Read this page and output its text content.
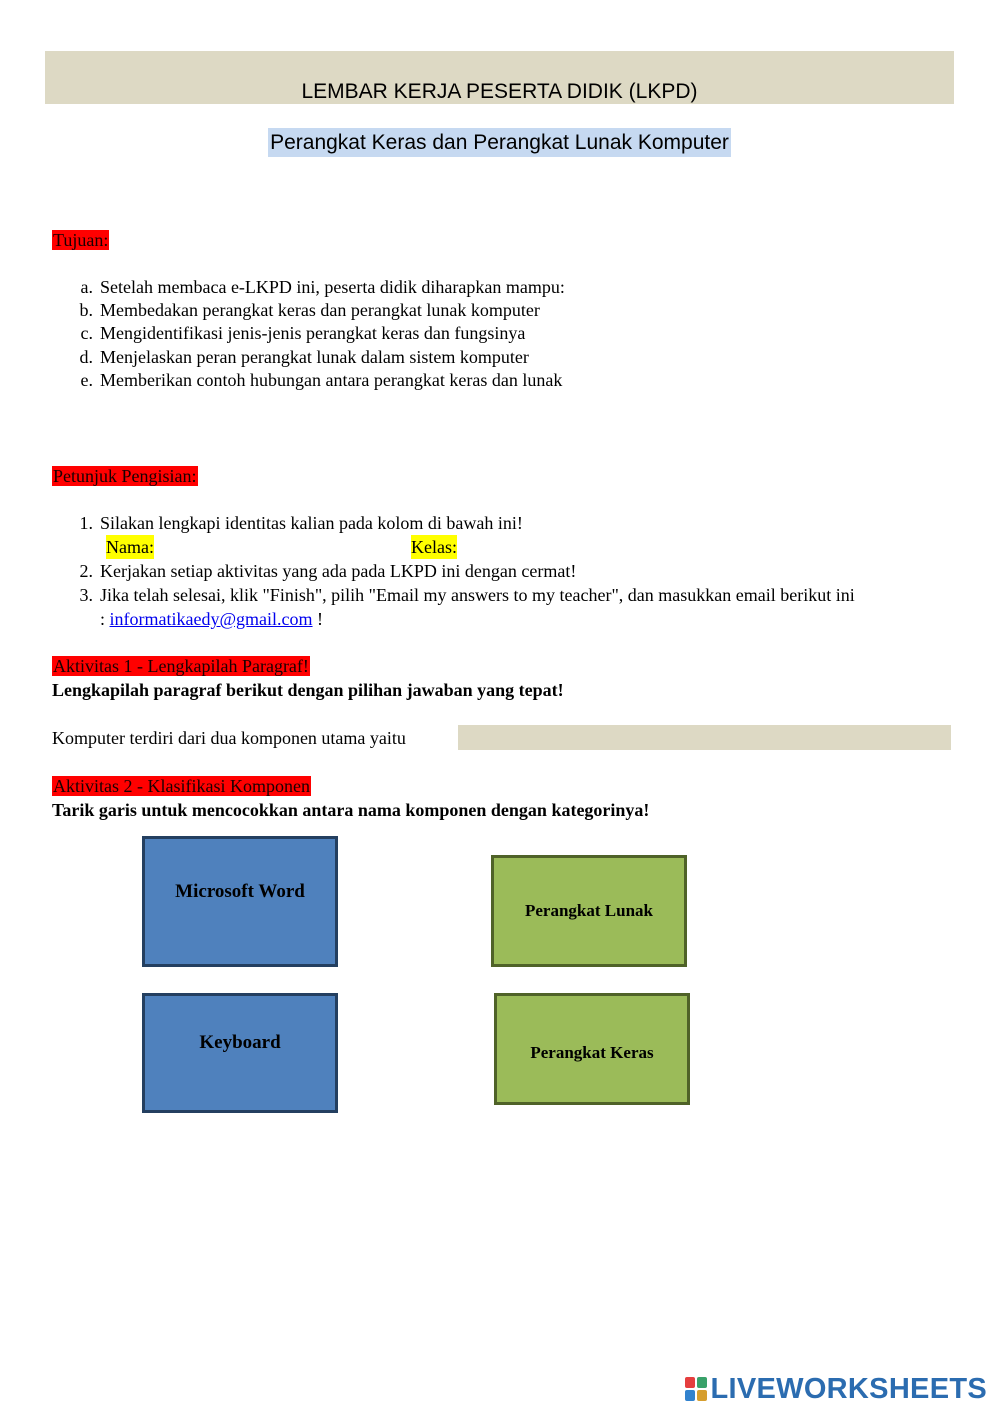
LEMBAR KERJA PESERTA DIDIK (LKPD)
Perangkat Keras dan Perangkat Lunak Komputer
Tujuan:
a. Setelah membaca e-LKPD ini, peserta didik diharapkan mampu:
b. Membedakan perangkat keras dan perangkat lunak komputer
c. Mengidentifikasi jenis-jenis perangkat keras dan fungsinya
d. Menjelaskan peran perangkat lunak dalam sistem komputer
e. Memberikan contoh hubungan antara perangkat keras dan lunak
Petunjuk Pengisian:
1. Silakan lengkapi identitas kalian pada kolom di bawah ini!
Nama:	Kelas:
2. Kerjakan setiap aktivitas yang ada pada LKPD ini dengan cermat!
3. Jika telah selesai, klik "Finish", pilih "Email my answers to my teacher", dan masukkan email berikut ini
: informatikaedy@gmail.com !
Aktivitas 1 - Lengkapilah Paragraf!
Lengkapilah paragraf berikut dengan pilihan jawaban yang tepat!
Komputer terdiri dari dua komponen utama yaitu
Aktivitas 2 - Klasifikasi Komponen
Tarik garis untuk mencocokkan antara nama komponen dengan kategorinya!
Microsoft Word
Keyboard
Perangkat Lunak
Perangkat Keras
LIVEWORKSHEETS
